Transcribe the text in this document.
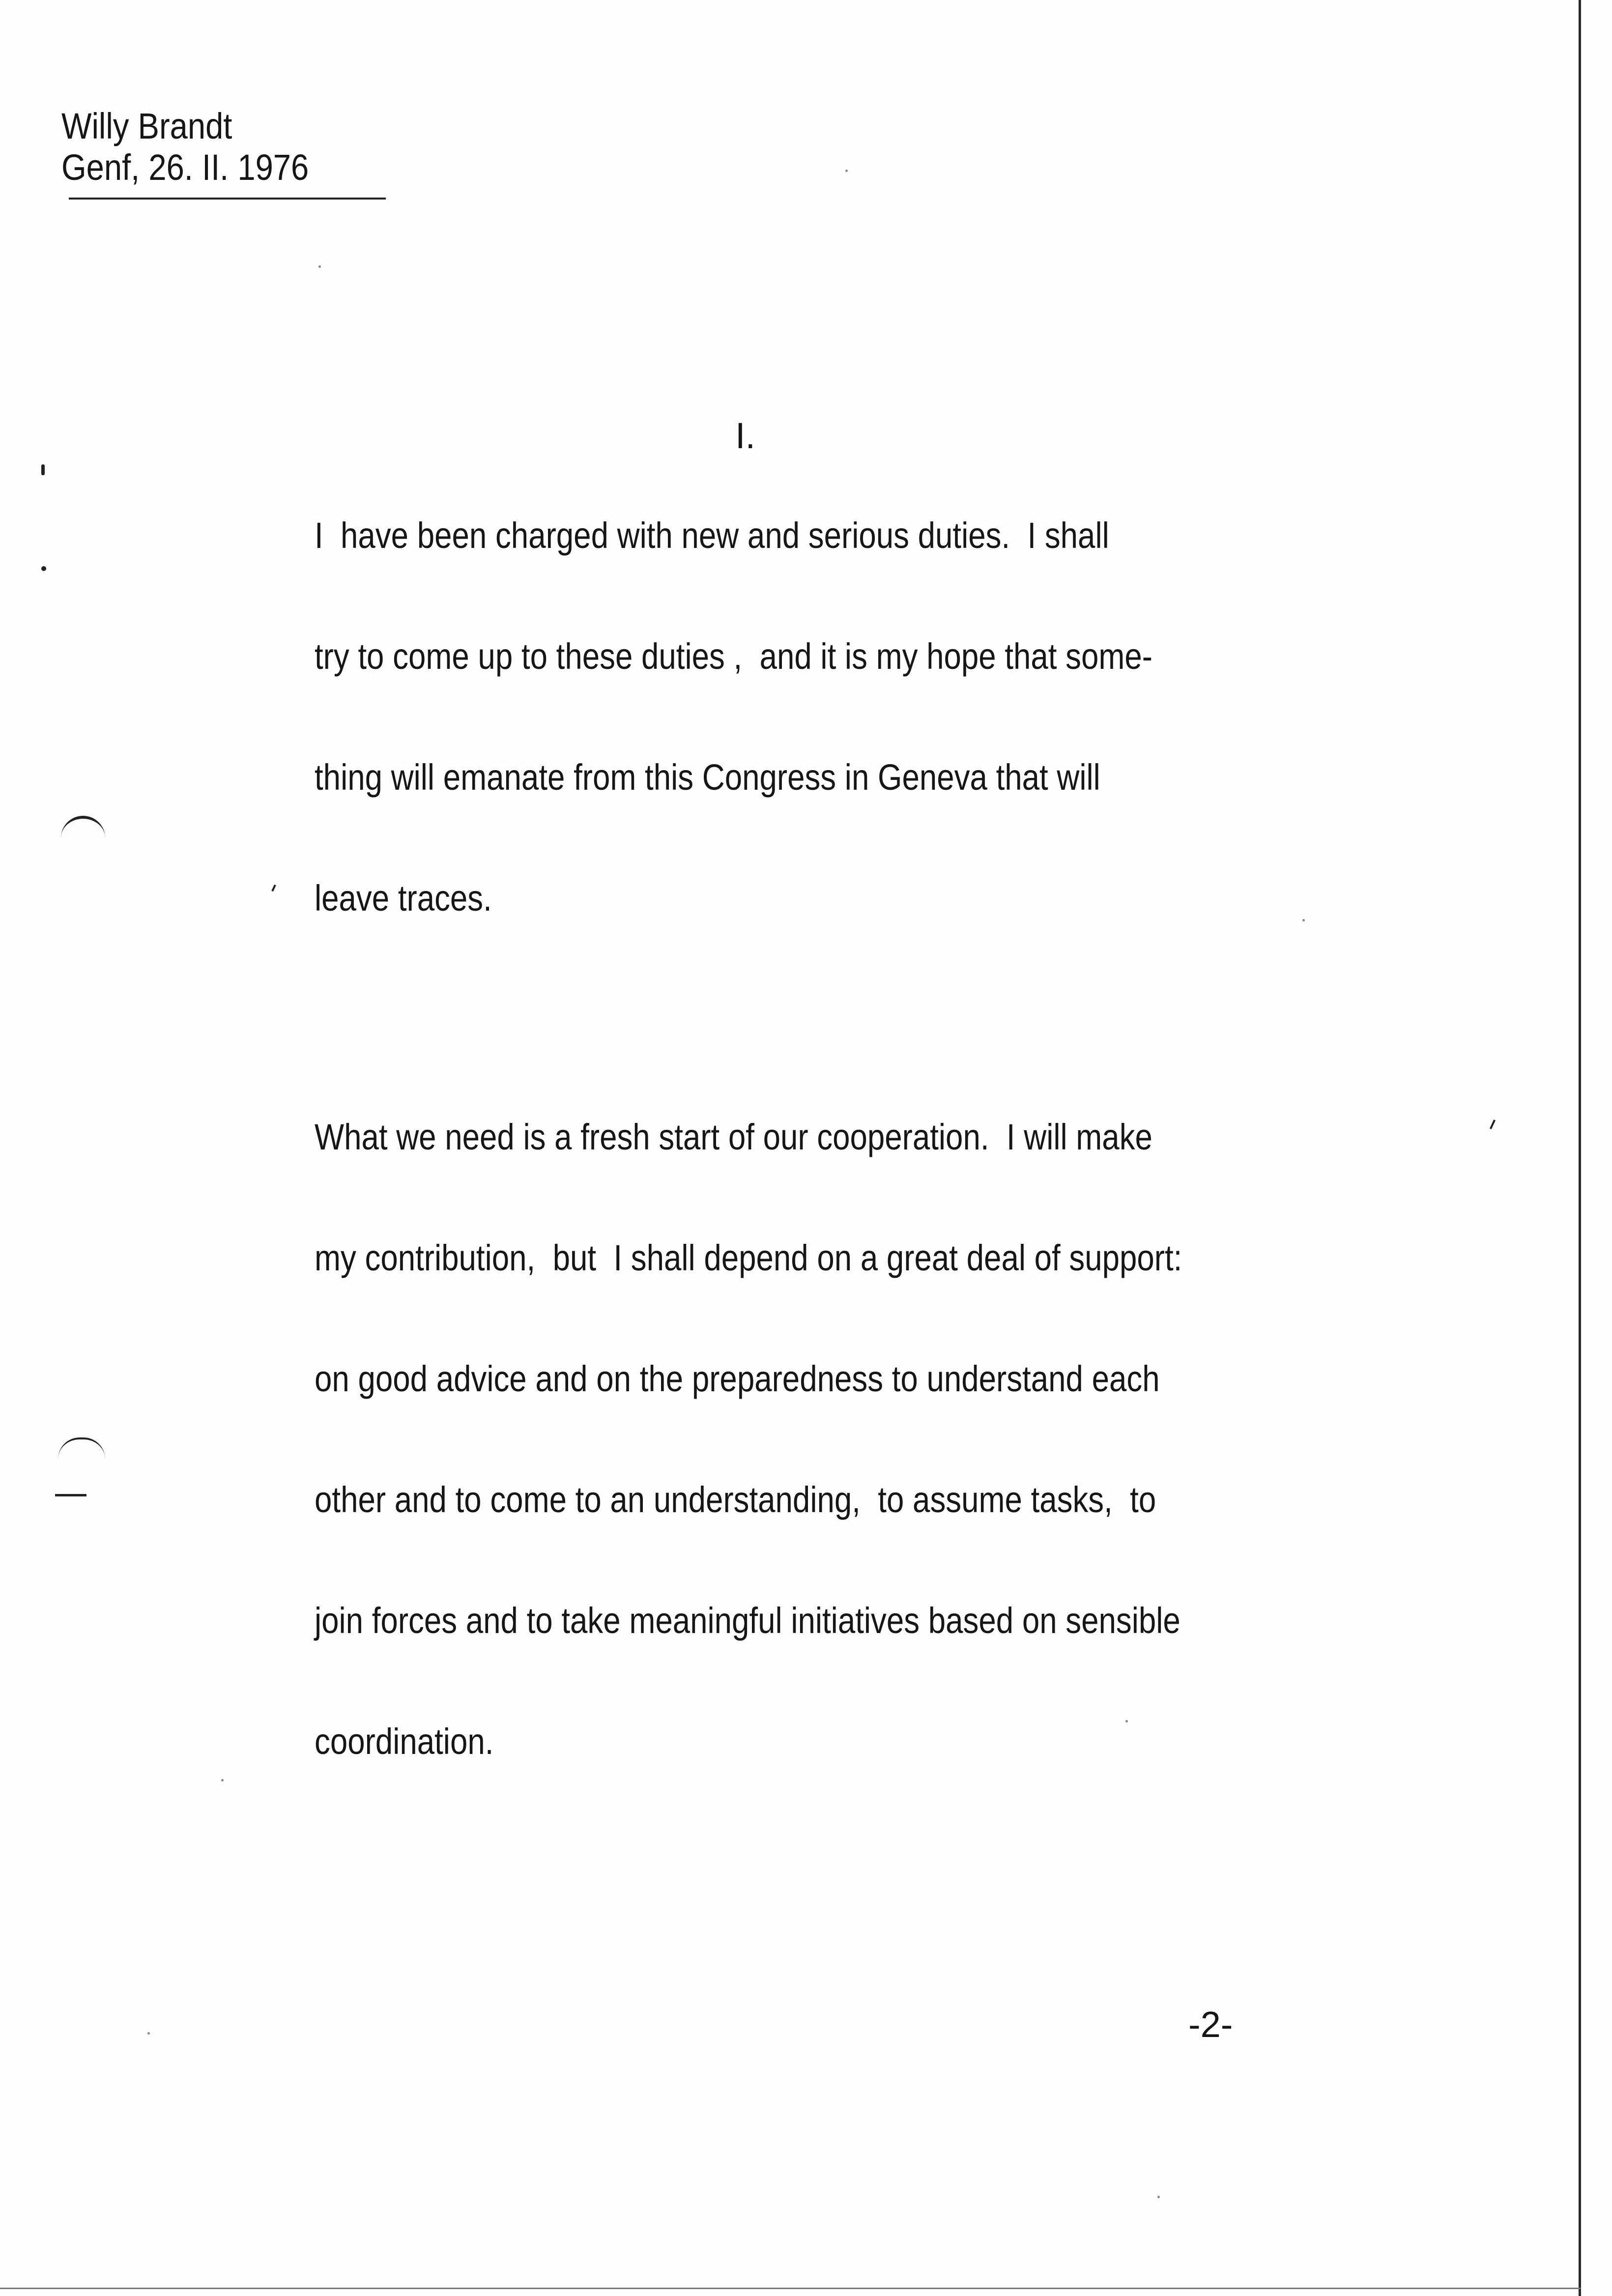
Willy Brandt
Genf, 26. II. 1976
I.
I  have been charged with new and serious duties.  I shall
try to come up to these duties ,  and it is my hope that some-
thing will emanate from this Congress in Geneva that will
leave traces.
What we need is a fresh start of our cooperation.  I will make
my contribution,  but  I shall depend on a great deal of support:
on good advice and on the preparedness to understand each
other and to come to an understanding,  to assume tasks,  to
join forces and to take meaningful initiatives based on sensible
coordination.
-2-
